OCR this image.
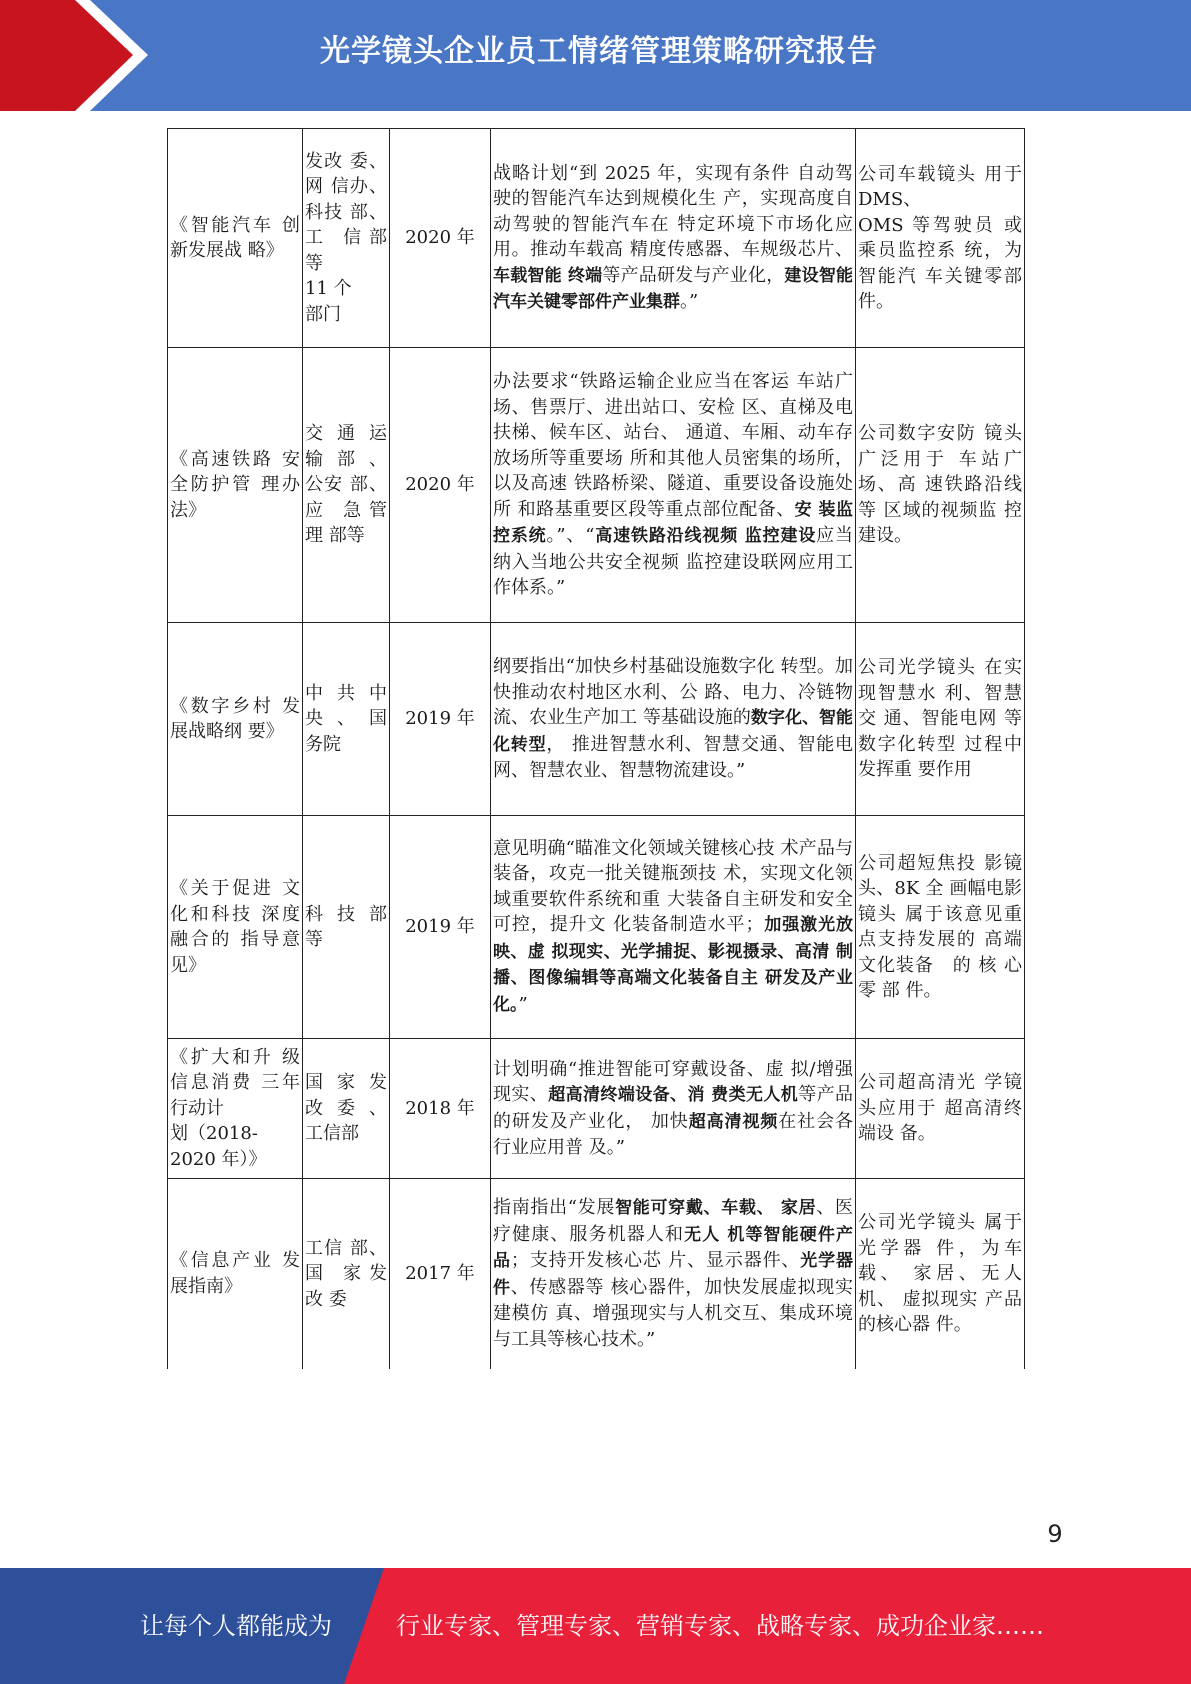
光学镜头企业员工情绪管理策略研究报告
《智能汽车 创新发展战 略》	发改 委、网 信办、科技 部、工　信 部等
11 个
部门	2020 年	战略计划“到 2025 年，实现有条件 自动驾驶的智能汽车达到规模化生 产，实现高度自动驾驶的智能汽车在 特定环境下市场化应用。推动车载高 精度传感器、车规级芯片、车载智能 终端等产品研发与产业化，建设智能 汽车关键零部件产业集群。”	公司车载镜头 用于 DMS、
OMS 等驾驶员 或乘员监控系 统，为智能汽 车关键零部 件。
《高速铁路 安全防护管 理办法》	交 通 运 输 部 、 公安 部、应　急 管 理 部等	2020 年	办法要求“铁路运输企业应当在客运 车站广场、售票厅、进出站口、安检 区、直梯及电扶梯、候车区、站台、 通道、车厢、动车存放场所等重要场 所和其他人员密集的场所，以及高速 铁路桥梁、隧道、重要设备设施处所 和路基重要区段等重点部位配备、安 装监控系统。”、“高速铁路沿线视频 监控建设应当纳入当地公共安全视频 监控建设联网应用工作体系。”	公司数字安防 镜头广泛用于 车站广场、高 速铁路沿线等 区域的视频监 控建设。
《数字乡村 发展战略纲 要》	中 共 中 央 、 国 务院	2019 年	纲要指出“加快乡村基础设施数字化 转型。加快推动农村地区水利、公 路、电力、冷链物流、农业生产加工 等基础设施的数字化、智能化转型， 推进智慧水利、智慧交通、智能电 网、智慧农业、智慧物流建设。”	公司光学镜头 在实现智慧水 利、智慧交 通、智能电网 等数字化转型 过程中发挥重 要作用
《关于促进 文化和科技 深度融合的 指导意见》	科 技 部 等	2019 年	意见明确“瞄准文化领域关键核心技 术产品与装备，攻克一批关键瓶颈技 术，实现文化领域重要软件系统和重 大装备自主研发和安全可控，提升文 化装备制造水平；加强激光放映、虚 拟现实、光学捕捉、影视摄录、高清 制播、图像编辑等高端文化装备自主 研发及产业化。”	公司超短焦投 影镜头、8K 全 画幅电影镜头 属于该意见重 点支持发展的 高端文化装备　的 核 心 零 部 件。
《扩大和升 级信息消费 三年行动计
划（2018-
2020 年）》	国 家 发 改 委 、 工信部	2018 年	计划明确“推进智能可穿戴设备、虚 拟/增强现实、超高清终端设备、消 费类无人机等产品的研发及产业化， 加快超高清视频在社会各行业应用普 及。”	公司超高清光 学镜头应用于 超高清终端设 备。
《信息产业 发展指南》	工信 部、国　家 发 改 委	2017 年	指南指出“发展智能可穿戴、车载、 家居、医疗健康、服务机器人和无人 机等智能硬件产品；支持开发核心芯 片、显示器件、光学器件、传感器等 核心器件，加快发展虚拟现实建模仿 真、增强现实与人机交互、集成环境 与工具等核心技术。”	公司光学镜头 属于光学器 件，为车载、 家居、无人机、 虚拟现实 产品的核心器 件。
9
让每个人都能成为	行业专家、管理专家、营销专家、战略专家、成功企业家……
